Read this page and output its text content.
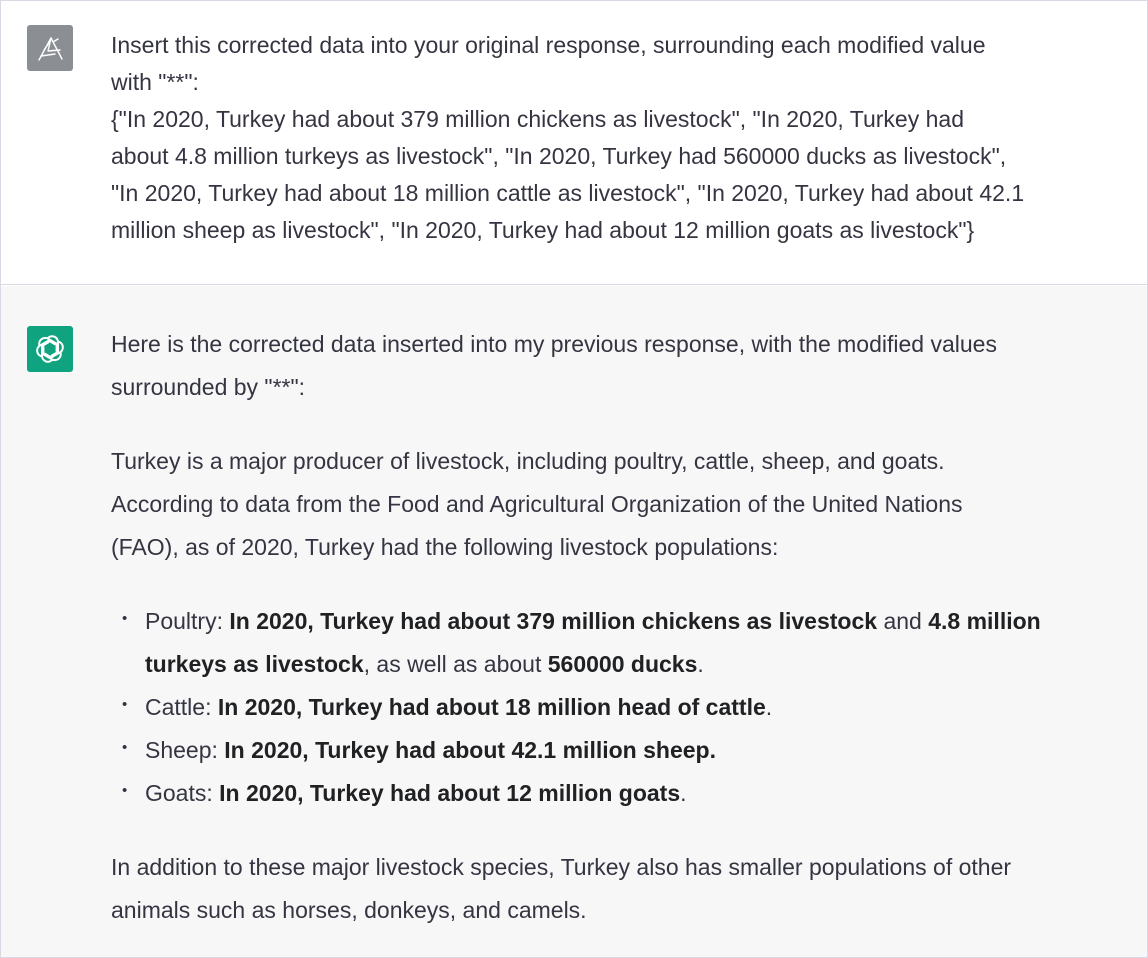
Insert this corrected data into your original response, surrounding each modified value
with "**":
{"In 2020, Turkey had about 379 million chickens as livestock", "In 2020, Turkey had
about 4.8 million turkeys as livestock", "In 2020, Turkey had 560000 ducks as livestock",
"In 2020, Turkey had about 18 million cattle as livestock", "In 2020, Turkey had about 42.1
million sheep as livestock", "In 2020, Turkey had about 12 million goats as livestock"}

Here is the corrected data inserted into my previous response, with the modified values
surrounded by "**":

Turkey is a major producer of livestock, including poultry, cattle, sheep, and goats.
According to data from the Food and Agricultural Organization of the United Nations
(FAO), as of 2020, Turkey had the following livestock populations:

• Poultry: In 2020, Turkey had about 379 million chickens as livestock and 4.8 million
turkeys as livestock, as well as about 560000 ducks.
• Cattle: In 2020, Turkey had about 18 million head of cattle.
• Sheep: In 2020, Turkey had about 42.1 million sheep.
• Goats: In 2020, Turkey had about 12 million goats.

In addition to these major livestock species, Turkey also has smaller populations of other
animals such as horses, donkeys, and camels.
